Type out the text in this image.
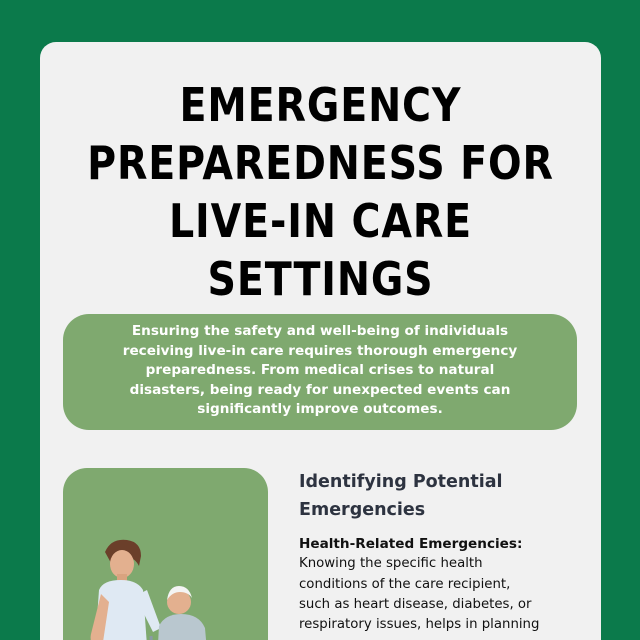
EMERGENCY
PREPAREDNESS FOR
LIVE-IN CARE
SETTINGS
Ensuring the safety and well-being of individuals
receiving live-in care requires thorough emergency
preparedness. From medical crises to natural
disasters, being ready for unexpected events can
significantly improve outcomes.
Identifying Potential
Emergencies
Health-Related Emergencies:
Knowing the specific health
conditions of the care recipient,
such as heart disease, diabetes, or
respiratory issues, helps in planning
